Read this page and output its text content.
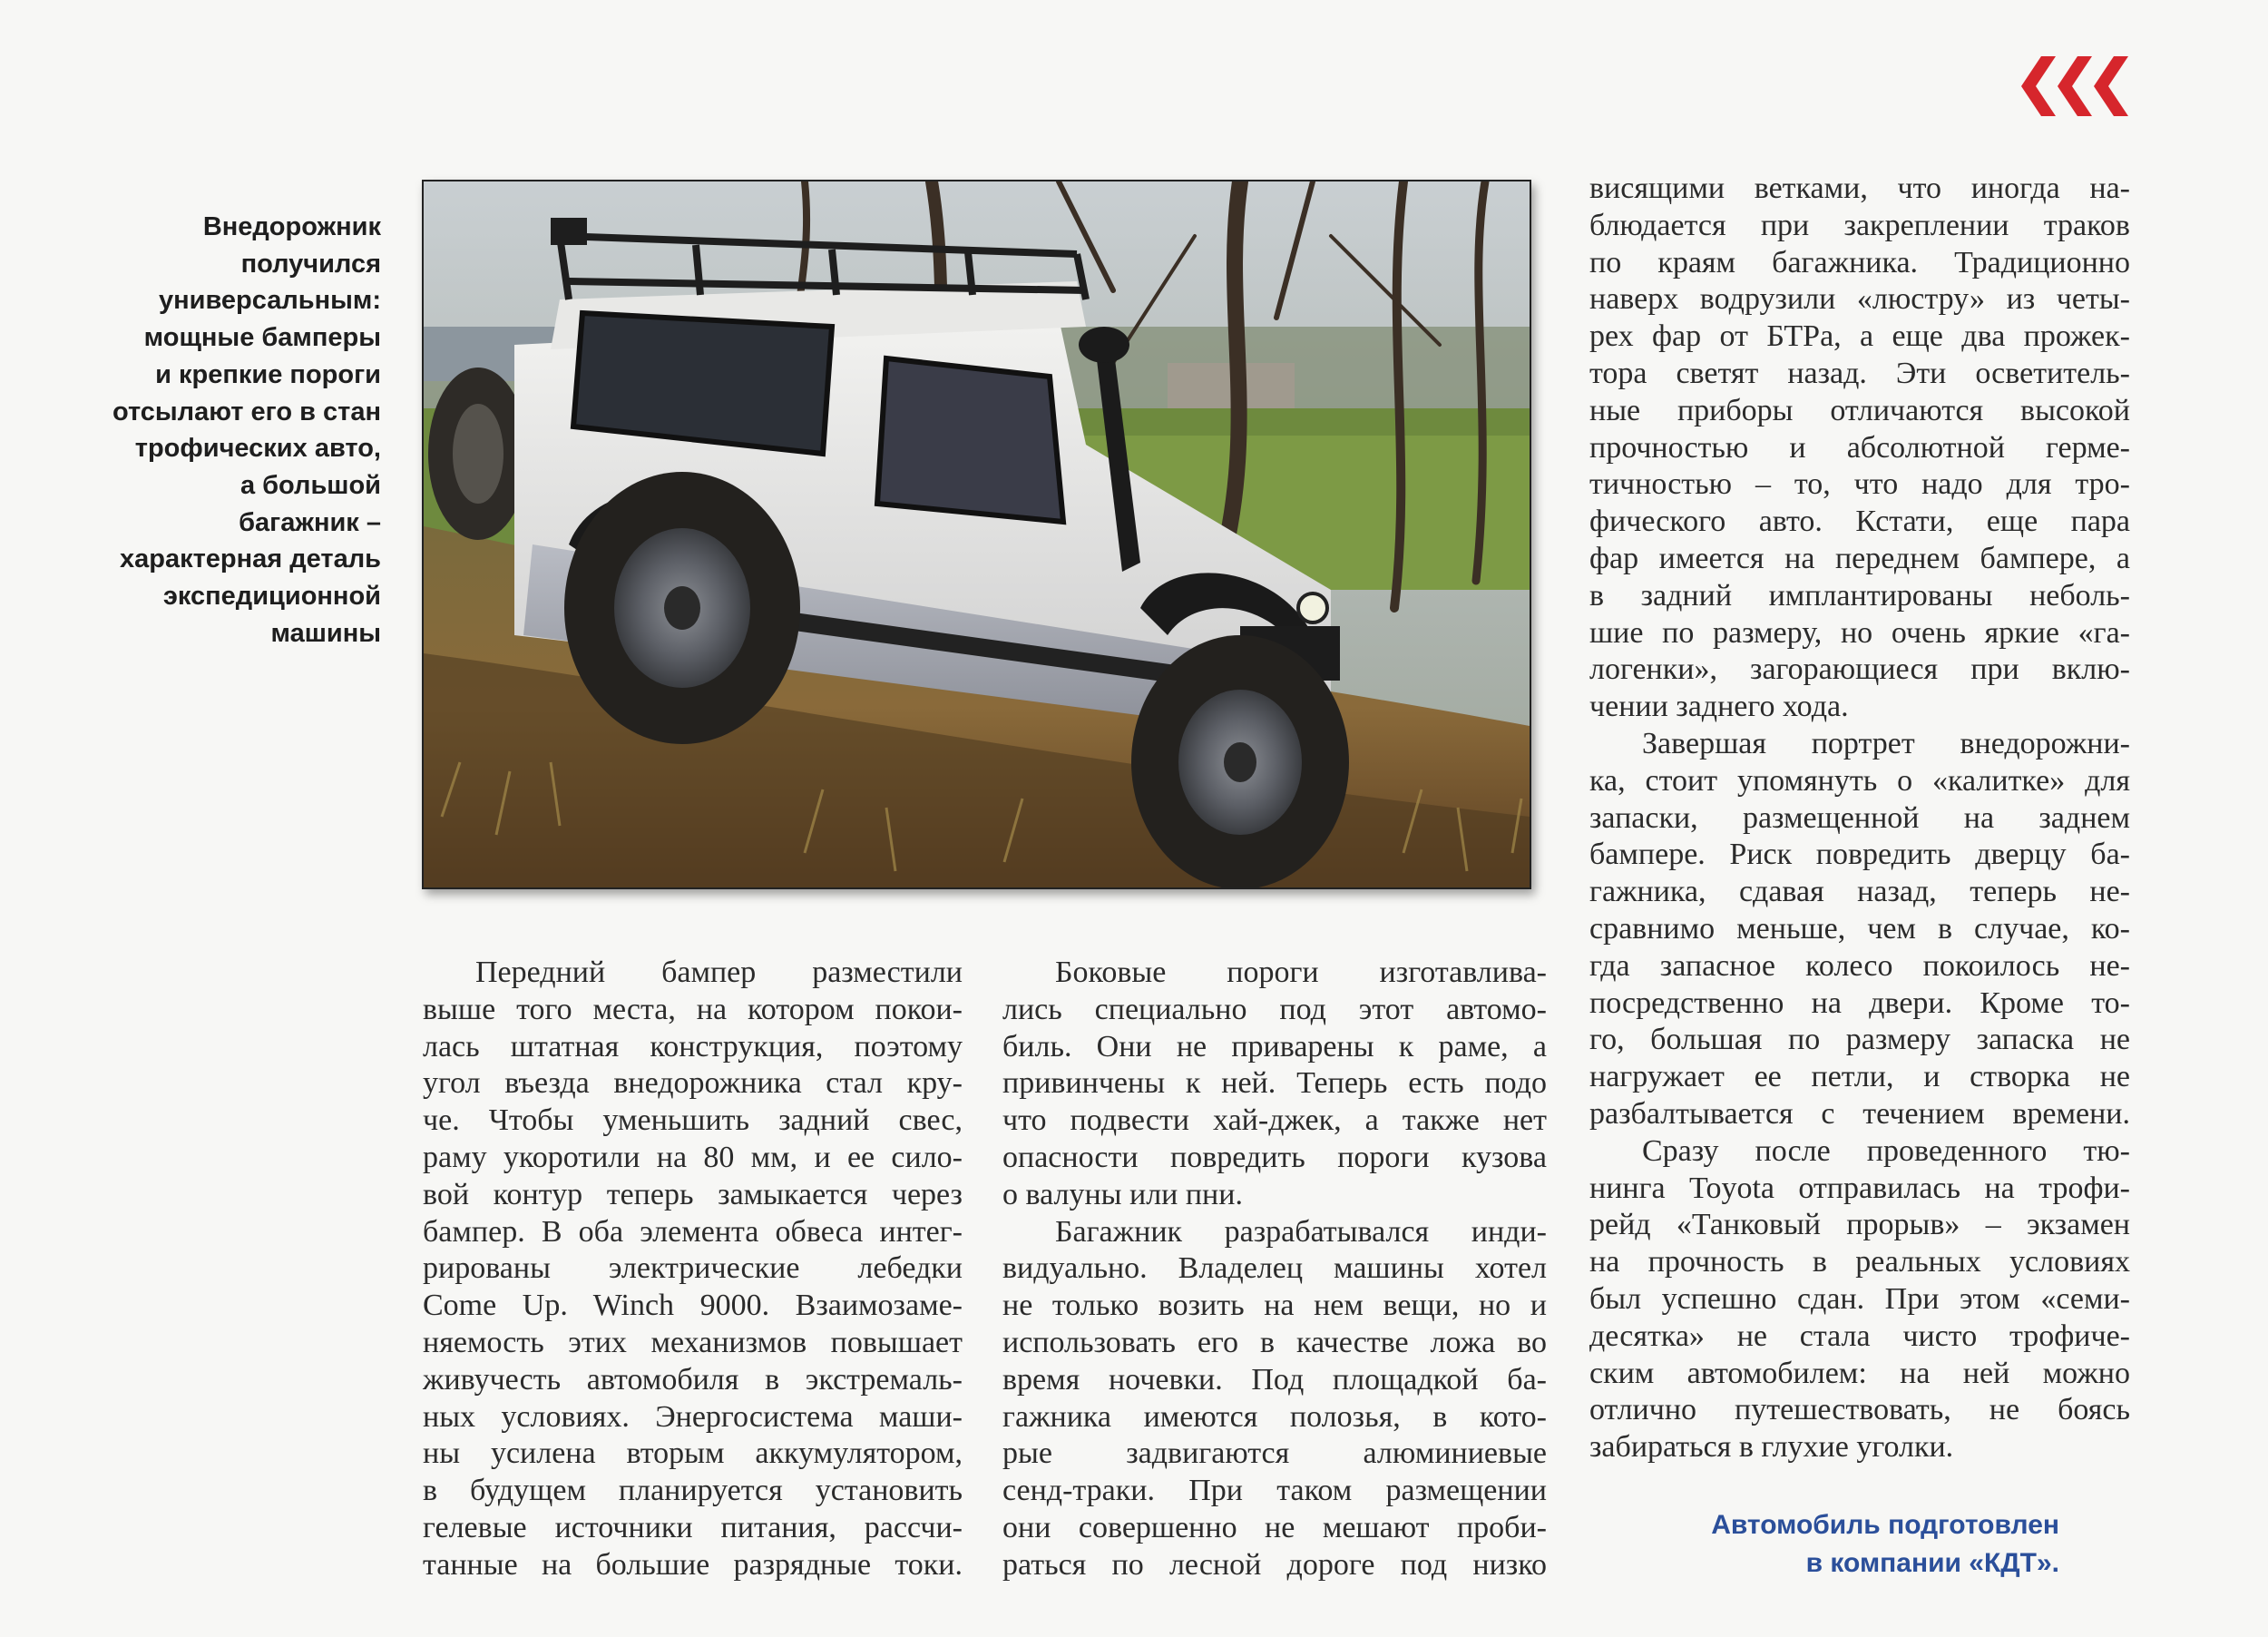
Внедорожник
получился
универсальным:
мощные бамперы
и крепкие пороги
отсылают его в стан
трофических авто,
а большой
багажник –
характерная деталь
экспедиционной
машины
Передний бампер разместили
выше того места, на котором покои-
лась штатная конструкция, поэтому
угол въезда внедорожника стал кру-
че. Чтобы уменьшить задний свес,
раму укоротили на 80 мм, и ее сило-
вой контур теперь замыкается через
бампер. В оба элемента обвеса интег-
рированы электрические лебедки
Come Up. Winch 9000. Взаимозаме-
няемость этих механизмов повышает
живучесть автомобиля в экстремаль-
ных условиях. Энергосистема маши-
ны усилена вторым аккумулятором,
в будущем планируется установить
гелевые источники питания, рассчи-
танные на большие разрядные токи.
Боковые пороги изготавлива-
лись специально под этот автомо-
биль. Они не приварены к раме, а
привинчены к ней. Теперь есть подо
что подвести хай-джек, а также нет
опасности повредить пороги кузова
о валуны или пни.
Багажник разрабатывался инди-
видуально. Владелец машины хотел
не только возить на нем вещи, но и
использовать его в качестве ложа во
время ночевки. Под площадкой ба-
гажника имеются полозья, в кото-
рые задвигаются алюминиевые
сенд-траки. При таком размещении
они совершенно не мешают проби-
раться по лесной дороге под низко
висящими ветками, что иногда на-
блюдается при закреплении траков
по краям багажника. Традиционно
наверх водрузили «люстру» из четы-
рех фар от БТРа, а еще два прожек-
тора светят назад. Эти осветитель-
ные приборы отличаются высокой
прочностью и абсолютной герме-
тичностью – то, что надо для тро-
фического авто. Кстати, еще пара
фар имеется на переднем бампере, а
в задний имплантированы неболь-
шие по размеру, но очень яркие «га-
логенки», загорающиеся при вклю-
чении заднего хода.
Завершая портрет внедорожни-
ка, стоит упомянуть о «калитке» для
запаски, размещенной на заднем
бампере. Риск повредить дверцу ба-
гажника, сдавая назад, теперь не-
сравнимо меньше, чем в случае, ко-
гда запасное колесо покоилось не-
посредственно на двери. Кроме то-
го, большая по размеру запаска не
нагружает ее петли, и створка не
разбалтывается с течением времени.
Сразу после проведенного тю-
нинга Toyota отправилась на трофи-
рейд «Танковый прорыв» – экзамен
на прочность в реальных условиях
был успешно сдан. При этом «семи-
десятка» не стала чисто трофиче-
ским автомобилем: на ней можно
отлично путешествовать, не боясь
забираться в глухие уголки.
Автомобиль подготовлен
в компании «КДТ».
